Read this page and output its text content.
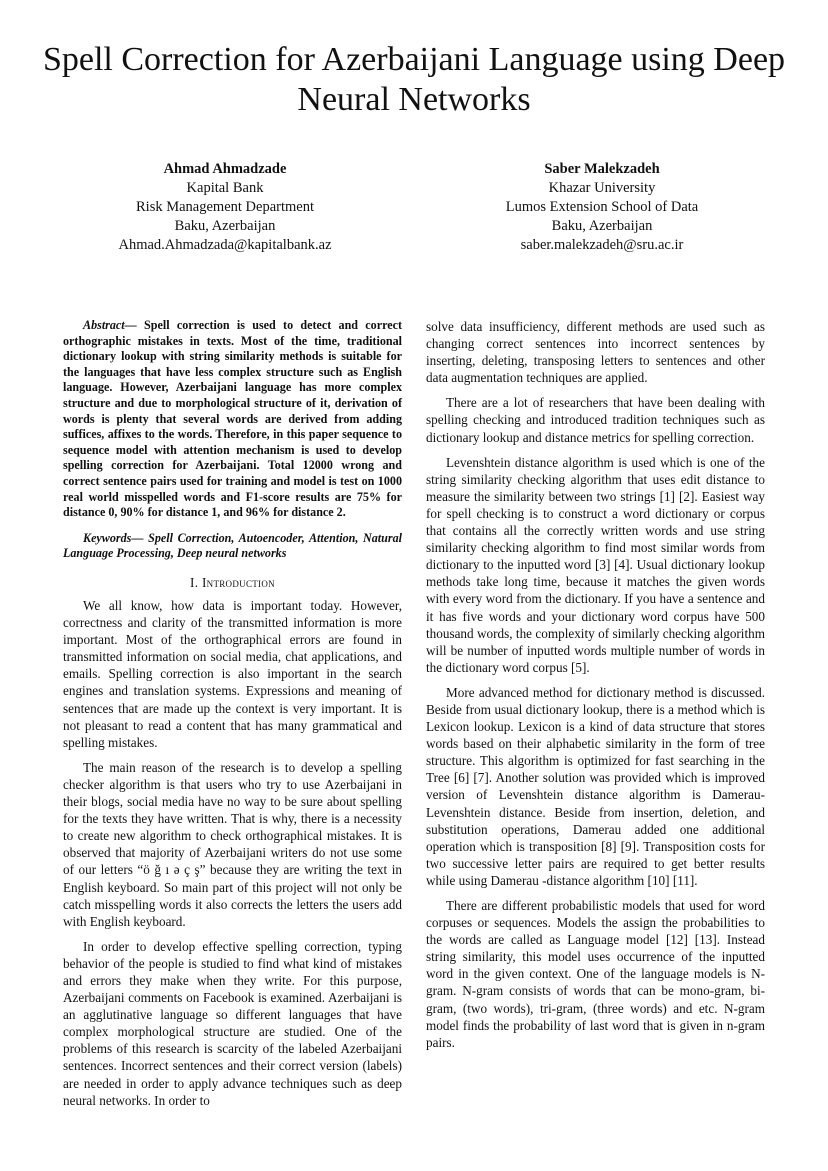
Spell Correction for Azerbaijani Language using Deep Neural Networks
Ahmad Ahmadzade
Kapital Bank
Risk Management Department
Baku, Azerbaijan
Ahmad.Ahmadzada@kapitalbank.az
Saber Malekzadeh
Khazar University
Lumos Extension School of Data
Baku, Azerbaijan
saber.malekzadeh@sru.ac.ir

Abstract— Spell correction is used to detect and correct orthographic mistakes in texts. Most of the time, traditional dictionary lookup with string similarity methods is suitable for the languages that have less complex structure such as English language. However, Azerbaijani language has more complex structure and due to morphological structure of it, derivation of words is plenty that several words are derived from adding suffices, affixes to the words. Therefore, in this paper sequence to sequence model with attention mechanism is used to develop spelling correction for Azerbaijani. Total 12000 wrong and correct sentence pairs used for training and model is test on 1000 real world misspelled words and F1-score results are 75% for distance 0, 90% for distance 1, and 96% for distance 2.

Keywords— Spell Correction, Autoencoder, Attention, Natural Language Processing, Deep neural networks

I. Introduction

We all know, how data is important today. However, correctness and clarity of the transmitted information is more important. Most of the orthographical errors are found in transmitted information on social media, chat applications, and emails. Spelling correction is also important in the search engines and translation systems. Expressions and meaning of sentences that are made up the context is very important. It is not pleasant to read a content that has many grammatical and spelling mistakes.

The main reason of the research is to develop a spelling checker algorithm is that users who try to use Azerbaijani in their blogs, social media have no way to be sure about spelling for the texts they have written. That is why, there is a necessity to create new algorithm to check orthographical mistakes. It is observed that majority of Azerbaijani writers do not use some of our letters “ö ğ ı ə ç ş” because they are writing the text in English keyboard. So main part of this project will not only be catch misspelling words it also corrects the letters the users add with English keyboard.

In order to develop effective spelling correction, typing behavior of the people is studied to find what kind of mistakes and errors they make when they write. For this purpose, Azerbaijani comments on Facebook is examined. Azerbaijani is an agglutinative language so different languages that have complex morphological structure are studied. One of the problems of this research is scarcity of the labeled Azerbaijani sentences. Incorrect sentences and their correct version (labels) are needed in order to apply advance techniques such as deep neural networks. In order to

solve data insufficiency, different methods are used such as changing correct sentences into incorrect sentences by inserting, deleting, transposing letters to sentences and other data augmentation techniques are applied.

There are a lot of researchers that have been dealing with spelling checking and introduced tradition techniques such as dictionary lookup and distance metrics for spelling correction.

Levenshtein distance algorithm is used which is one of the string similarity checking algorithm that uses edit distance to measure the similarity between two strings [1] [2]. Easiest way for spell checking is to construct a word dictionary or corpus that contains all the correctly written words and use string similarity checking algorithm to find most similar words from dictionary to the inputted word [3] [4]. Usual dictionary lookup methods take long time, because it matches the given words with every word from the dictionary. If you have a sentence and it has five words and your dictionary word corpus have 500 thousand words, the complexity of similarly checking algorithm will be number of inputted words multiple number of words in the dictionary word corpus [5].

More advanced method for dictionary method is discussed. Beside from usual dictionary lookup, there is a method which is Lexicon lookup. Lexicon is a kind of data structure that stores words based on their alphabetic similarity in the form of tree structure. This algorithm is optimized for fast searching in the Tree [6] [7]. Another solution was provided which is improved version of Levenshtein distance algorithm is Damerau- Levenshtein distance. Beside from insertion, deletion, and substitution operations, Damerau added one additional operation which is transposition [8] [9]. Transposition costs for two successive letter pairs are required to get better results while using Damerau -distance algorithm [10] [11].

There are different probabilistic models that used for word corpuses or sequences. Models the assign the probabilities to the words are called as Language model [12] [13]. Instead string similarity, this model uses occurrence of the inputted word in the given context. One of the language models is N-gram. N-gram consists of words that can be mono-gram, bi-gram, (two words), tri-gram, (three words) and etc. N-gram model finds the probability of last word that is given in n-gram pairs.
